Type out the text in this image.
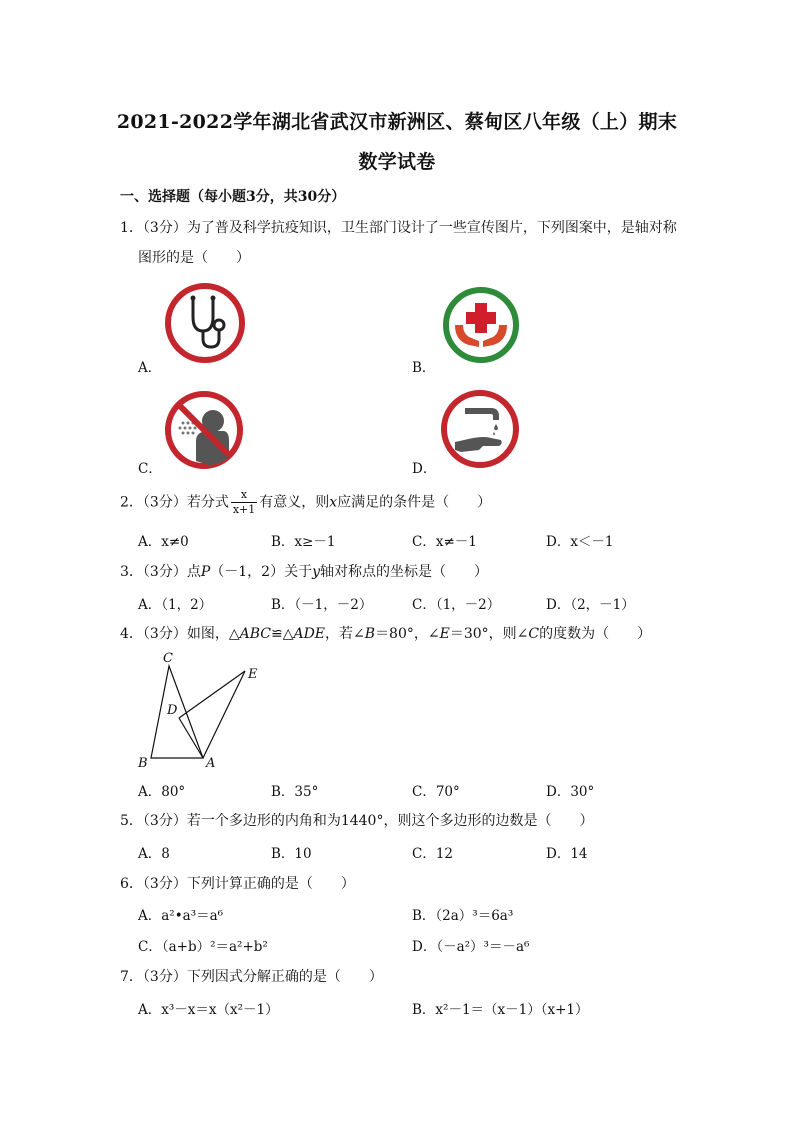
2021-2022学年湖北省武汉市新洲区、蔡甸区八年级（上）期末
数学试卷
一、选择题（每小题3分，共30分）
1．（3分）为了普及科学抗疫知识，卫生部门设计了一些宣传图片，下列图案中，是轴对称
图形的是（　　）
A．	B．
C．	D．
2．（3分）若分式 $\frac{x}{x+1}$ 有意义，则x应满足的条件是（　　）
A．x≠0	B．x≥－1	C．x≠－1	D．x＜－1
3．（3分）点P（－1，2）关于y轴对称点的坐标是（　　）
A．（1，2）	B．（－1，－2）	C．（1，－2）	D．（2，－1）
4．（3分）如图，△ABC≌△ADE，若∠B＝80°，∠E＝30°，则∠C的度数为（　　）
C
E
D
B	A
A．80°	B．35°	C．70°	D．30°
5．（3分）若一个多边形的内角和为1440°，则这个多边形的边数是（　　）
A．8	B．10	C．12	D．14
6．（3分）下列计算正确的是（　　）
A．a²•a³＝a⁶	B．（2a）³＝6a³
C．（a+b）²＝a²+b²	D．（－a²）³＝－a⁶
7．（3分）下列因式分解正确的是（　　）
A．x³－x＝x（x²－1）	B．x²－1＝（x－1）（x+1）
